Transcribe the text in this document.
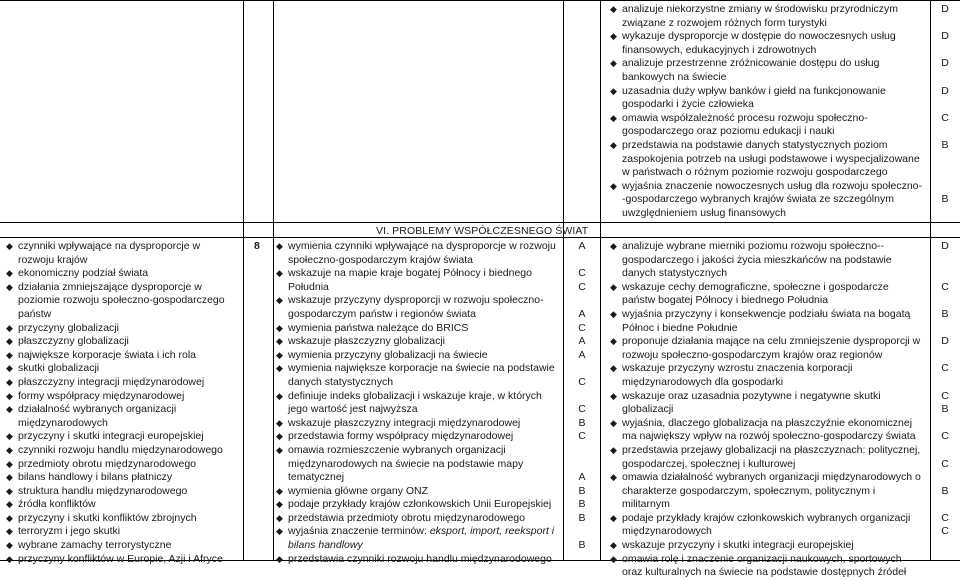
◆ analizuje niekorzystne zmiany w środowisku przyrodniczym związane z rozwojem różnych form turystyki
◆ wykazuje dysproporcje w dostępie do nowoczesnych usług finansowych, edukacyjnych i zdrowotnych
◆ analizuje przestrzenne zróżnicowanie dostępu do usług bankowych na świecie
◆ uzasadnia duży wpływ banków i giełd na funkcjonowanie gospodarki i życie człowieka
◆ omawia współzależność procesu rozwoju społeczno-gospodarczego oraz poziomu edukacji i nauki
◆ przedstawia na podstawie danych statystycznych poziom zaspokojenia potrzeb na usługi podstawowe i wyspecjalizowane w państwach o różnym poziomie rozwoju gospodarczego
◆ wyjaśnia znaczenie nowoczesnych usług dla rozwoju społeczno--gospodarczego wybranych krajów świata ze szczególnym uwzględnieniem usług finansowych
D

D

D

D

C

B

B
VI. PROBLEMY WSPÓŁCZESNEGO ŚWIAT
8
◆ czynniki wpływające na dysproporcje w rozwoju krajów
◆ ekonomiczny podział świata
◆ działania zmniejszające dysproporcje w poziomie rozwoju społeczno-gospodarczego państw
◆ przyczyny globalizacji
◆ płaszczyzny globalizacji
◆ największe korporacje świata i ich rola
◆ skutki globalizacji
◆ płaszczyzny integracji międzynarodowej
◆ formy współpracy międzynarodowej
◆ działalność wybranych organizacji międzynarodowych
◆ przyczyny i skutki integracji europejskiej
◆ czynniki rozwoju handlu międzynarodowego
◆ przedmioty obrotu międzynarodowego
◆ bilans handlowy i bilans płatniczy
◆ struktura handlu międzynarodowego
◆ źródła konfliktów
◆ przyczyny i skutki konfliktów zbrojnych
◆ terroryzm i jego skutki
◆ wybrane zamachy terrorystyczne
◆ przyczyny konfliktów w Europie, Azji i Afryce
◆ wymienia czynniki wpływające na dysproporcje w rozwoju społeczno-gospodarczym krajów świata
◆ wskazuje na mapie kraje bogatej Północy i biednego Południa
◆ wskazuje przyczyny dysproporcji w rozwoju społeczno-gospodarczym państw i regionów świata
◆ wymienia państwa należące do BRICS
◆ wskazuje płaszczyzny globalizacji
◆ wymienia przyczyny globalizacji na świecie
◆ wymienia największe korporacje na świecie na podstawie danych statystycznych
◆ definiuje indeks globalizacji i wskazuje kraje, w których jego wartość jest najwyższa
◆ wskazuje płaszczyzny integracji międzynarodowej
◆ przedstawia formy współpracy międzynarodowej
◆ omawia rozmieszczenie wybranych organizacji międzynarodowych na świecie na podstawie mapy tematycznej
◆ wymienia główne organy ONZ
◆ podaje przykłady krajów członkowskich Unii Europejskiej
◆ przedstawia przedmioty obrotu międzynarodowego
◆ wyjaśnia znaczenie terminów: eksport, import, reeksport i bilans handlowy
◆ przedstawia czynniki rozwoju handlu międzynarodowego
A

C
C

A
C
A
A

C

C
B
C

A
B
B
B

B
◆ analizuje wybrane mierniki poziomu rozwoju społeczno--gospodarczego i jakości życia mieszkańców na podstawie danych statystycznych
◆ wskazuje cechy demograficzne, społeczne i gospodarcze państw bogatej Północy i biednego Południa
◆ wyjaśnia przyczyny i konsekwencje podziału świata na bogatą Północ i biedne Południe
◆ proponuje działania mające na celu zmniejszenie dysproporcji w rozwoju społeczno-gospodarczym krajów oraz regionów
◆ wskazuje przyczyny wzrostu znaczenia korporacji międzynarodowych dla gospodarki
◆ wskazuje oraz uzasadnia pozytywne i negatywne skutki globalizacji
◆ wyjaśnia, dlaczego globalizacja na płaszczyźnie ekonomicznej ma największy wpływ na rozwój społeczno-gospodarczy świata
◆ przedstawia przejawy globalizacji na płaszczyznach: politycznej, gospodarczej, społecznej i kulturowej
◆ omawia działalność wybranych organizacji międzynarodowych o charakterze gospodarczym, społecznym, politycznym i militarnym
◆ podaje przykłady krajów członkowskich wybranych organizacji międzynarodowych
◆ wskazuje przyczyny i skutki integracji europejskiej
◆ omawia rolę i znaczenie organizacji naukowych, sportowych oraz kulturalnych na świecie na podstawie dostępnych źródeł
D

C

B

D

C

C
B

C

C

B

C
C
